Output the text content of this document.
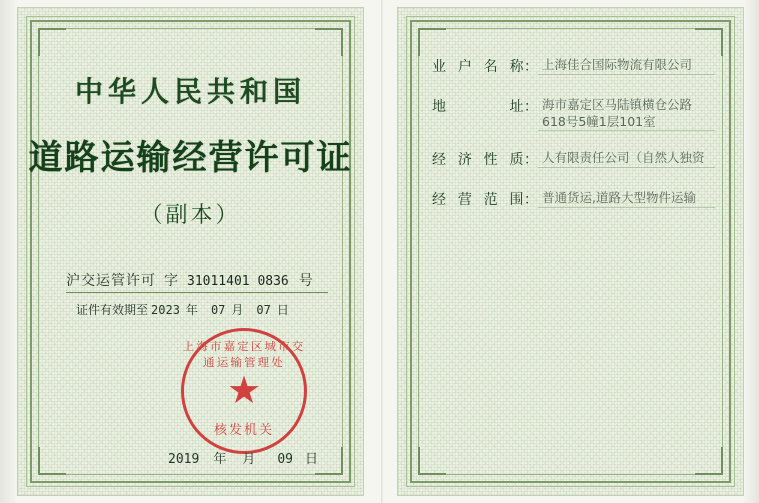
中华人民共和国
道路运输经营许可证
（副本）
沪交运管许可 字 31011401 0836 号
证件有效期至 2023 年 07 月 07 日
上海市嘉定区城市交通运输管理处
★
核发机关
2019 年 月 09 日
业户名称 ： 上海佳合国际物流有限公司
地址 ： 海市嘉定区马陆镇横仓公路
618号5幢1层101室
经济性质 ： 人有限责任公司（自然人独资
经营范围 ： 普通货运,道路大型物件运输
